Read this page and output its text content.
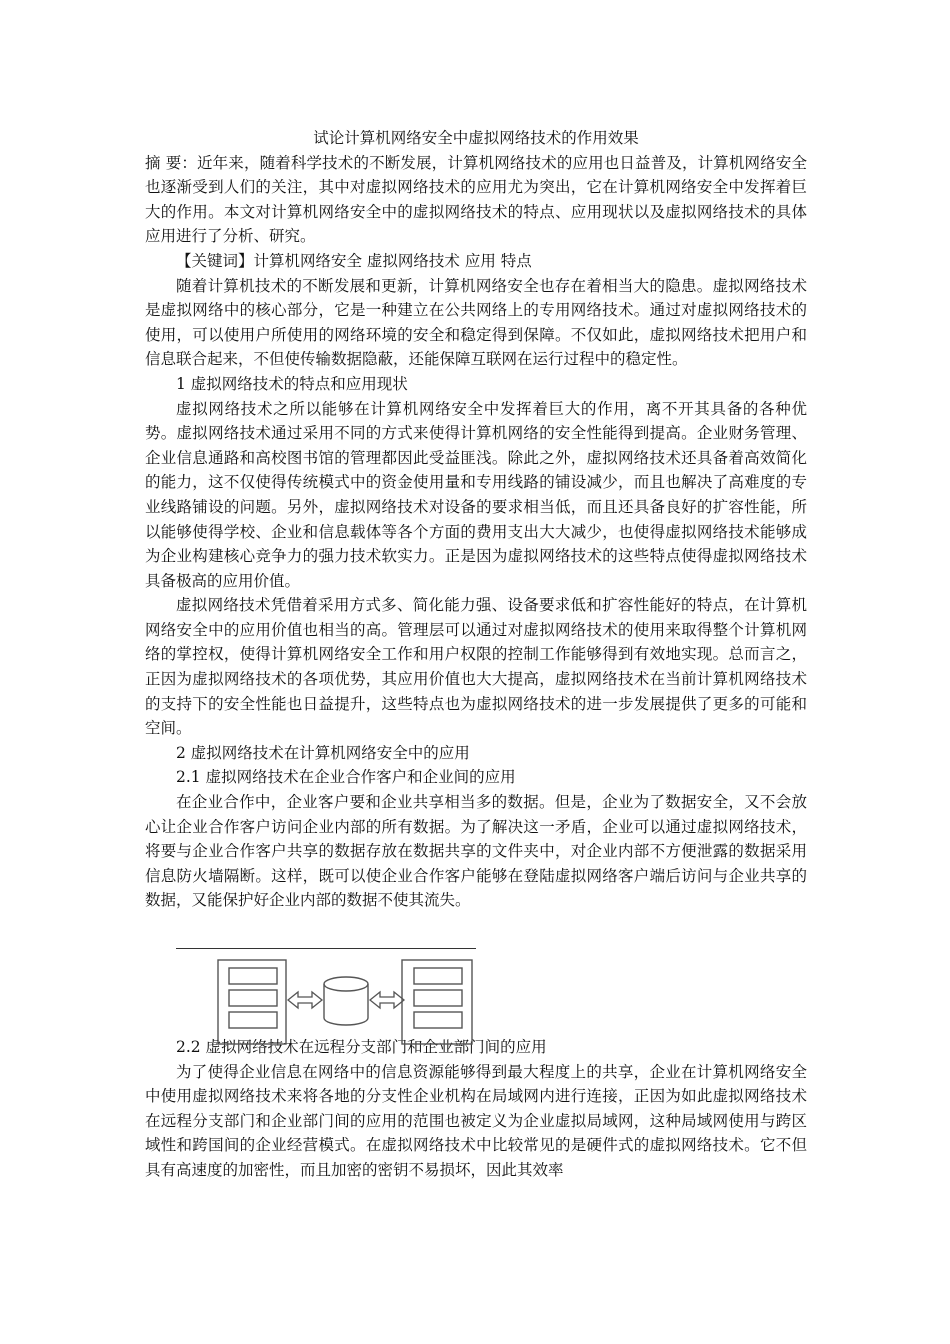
试论计算机网络安全中虚拟网络技术的作用效果

摘 要：近年来，随着科学技术的不断发展，计算机网络技术的应用也日益普及，计算机网络安全也逐渐受到人们的关注，其中对虚拟网络技术的应用尤为突出，它在计算机网络安全中发挥着巨大的作用。本文对计算机网络安全中的虚拟网络技术的特点、应用现状以及虚拟网络技术的具体应用进行了分析、研究。

【关键词】计算机网络安全 虚拟网络技术 应用 特点

随着计算机技术的不断发展和更新，计算机网络安全也存在着相当大的隐患。虚拟网络技术是虚拟网络中的核心部分，它是一种建立在公共网络上的专用网络技术。通过对虚拟网络技术的使用，可以使用户所使用的网络环境的安全和稳定得到保障。不仅如此，虚拟网络技术把用户和信息联合起来，不但使传输数据隐蔽，还能保障互联网在运行过程中的稳定性。

1 虚拟网络技术的特点和应用现状

虚拟网络技术之所以能够在计算机网络安全中发挥着巨大的作用，离不开其具备的各种优势。虚拟网络技术通过采用不同的方式来使得计算机网络的安全性能得到提高。企业财务管理、企业信息通路和高校图书馆的管理都因此受益匪浅。除此之外，虚拟网络技术还具备着高效简化的能力，这不仅使得传统模式中的资金使用量和专用线路的铺设减少，而且也解决了高难度的专业线路铺设的问题。另外，虚拟网络技术对设备的要求相当低，而且还具备良好的扩容性能，所以能够使得学校、企业和信息载体等各个方面的费用支出大大减少，也使得虚拟网络技术能够成为企业构建核心竞争力的强力技术软实力。正是因为虚拟网络技术的这些特点使得虚拟网络技术具备极高的应用价值。

虚拟网络技术凭借着采用方式多、简化能力强、设备要求低和扩容性能好的特点，在计算机网络安全中的应用价值也相当的高。管理层可以通过对虚拟网络技术的使用来取得整个计算机网络的掌控权，使得计算机网络安全工作和用户权限的控制工作能够得到有效地实现。总而言之，正因为虚拟网络技术的各项优势，其应用价值也大大提高，虚拟网络技术在当前计算机网络技术的支持下的安全性能也日益提升，这些特点也为虚拟网络技术的进一步发展提供了更多的可能和空间。

2 虚拟网络技术在计算机网络安全中的应用

2.1 虚拟网络技术在企业合作客户和企业间的应用

在企业合作中，企业客户要和企业共享相当多的数据。但是，企业为了数据安全，又不会放心让企业合作客户访问企业内部的所有数据。为了解决这一矛盾，企业可以通过虚拟网络技术，将要与企业合作客户共享的数据存放在数据共享的文件夹中，对企业内部不方便泄露的数据采用信息防火墙隔断。这样，既可以使企业合作客户能够在登陆虚拟网络客户端后访问与企业共享的数据，又能保护好企业内部的数据不使其流失。

2.2 虚拟网络技术在远程分支部门和企业部门间的应用

为了使得企业信息在网络中的信息资源能够得到最大程度上的共享，企业在计算机网络安全中使用虚拟网络技术来将各地的分支性企业机构在局域网内进行连接，正因为如此虚拟网络技术在远程分支部门和企业部门间的应用的范围也被定义为企业虚拟局域网，这种局域网使用与跨区域性和跨国间的企业经营模式。在虚拟网络技术中比较常见的是硬件式的虚拟网络技术。它不但具有高速度的加密性，而且加密的密钥不易损坏，因此其效率
